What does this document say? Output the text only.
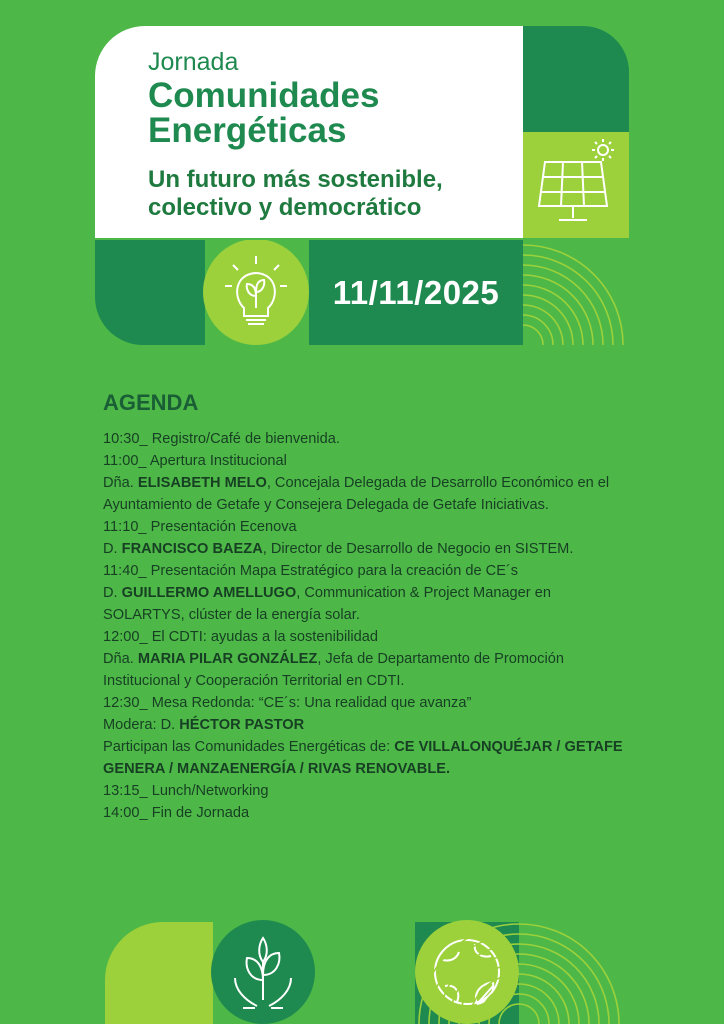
Jornada
Comunidades
Energéticas
Un futuro más sostenible,
colectivo y democrático
11/11/2025
AGENDA
10:30_ Registro/Café de bienvenida.
11:00_ Apertura Institucional
Dña. ELISABETH MELO, Concejala Delegada de Desarrollo Económico en el Ayuntamiento de Getafe y Consejera Delegada de Getafe Iniciativas.
11:10_ Presentación Ecenova
D. FRANCISCO BAEZA, Director de Desarrollo de Negocio en SISTEM.
11:40_ Presentación Mapa Estratégico para la creación de CE´s
D. GUILLERMO AMELLUGO, Communication & Project Manager en SOLARTYS, clúster de la energía solar.
12:00_ El CDTI: ayudas a la sostenibilidad
Dña. MARIA PILAR GONZÁLEZ, Jefa de Departamento de Promoción Institucional y Cooperación Territorial en CDTI.
12:30_ Mesa Redonda: “CE´s: Una realidad que avanza”
Modera: D. HÉCTOR PASTOR
Participan las Comunidades Energéticas de: CE VILLALONQUÉJAR / GETAFE GENERA / MANZAENERGÍA / RIVAS RENOVABLE.
13:15_ Lunch/Networking
14:00_ Fin de Jornada
